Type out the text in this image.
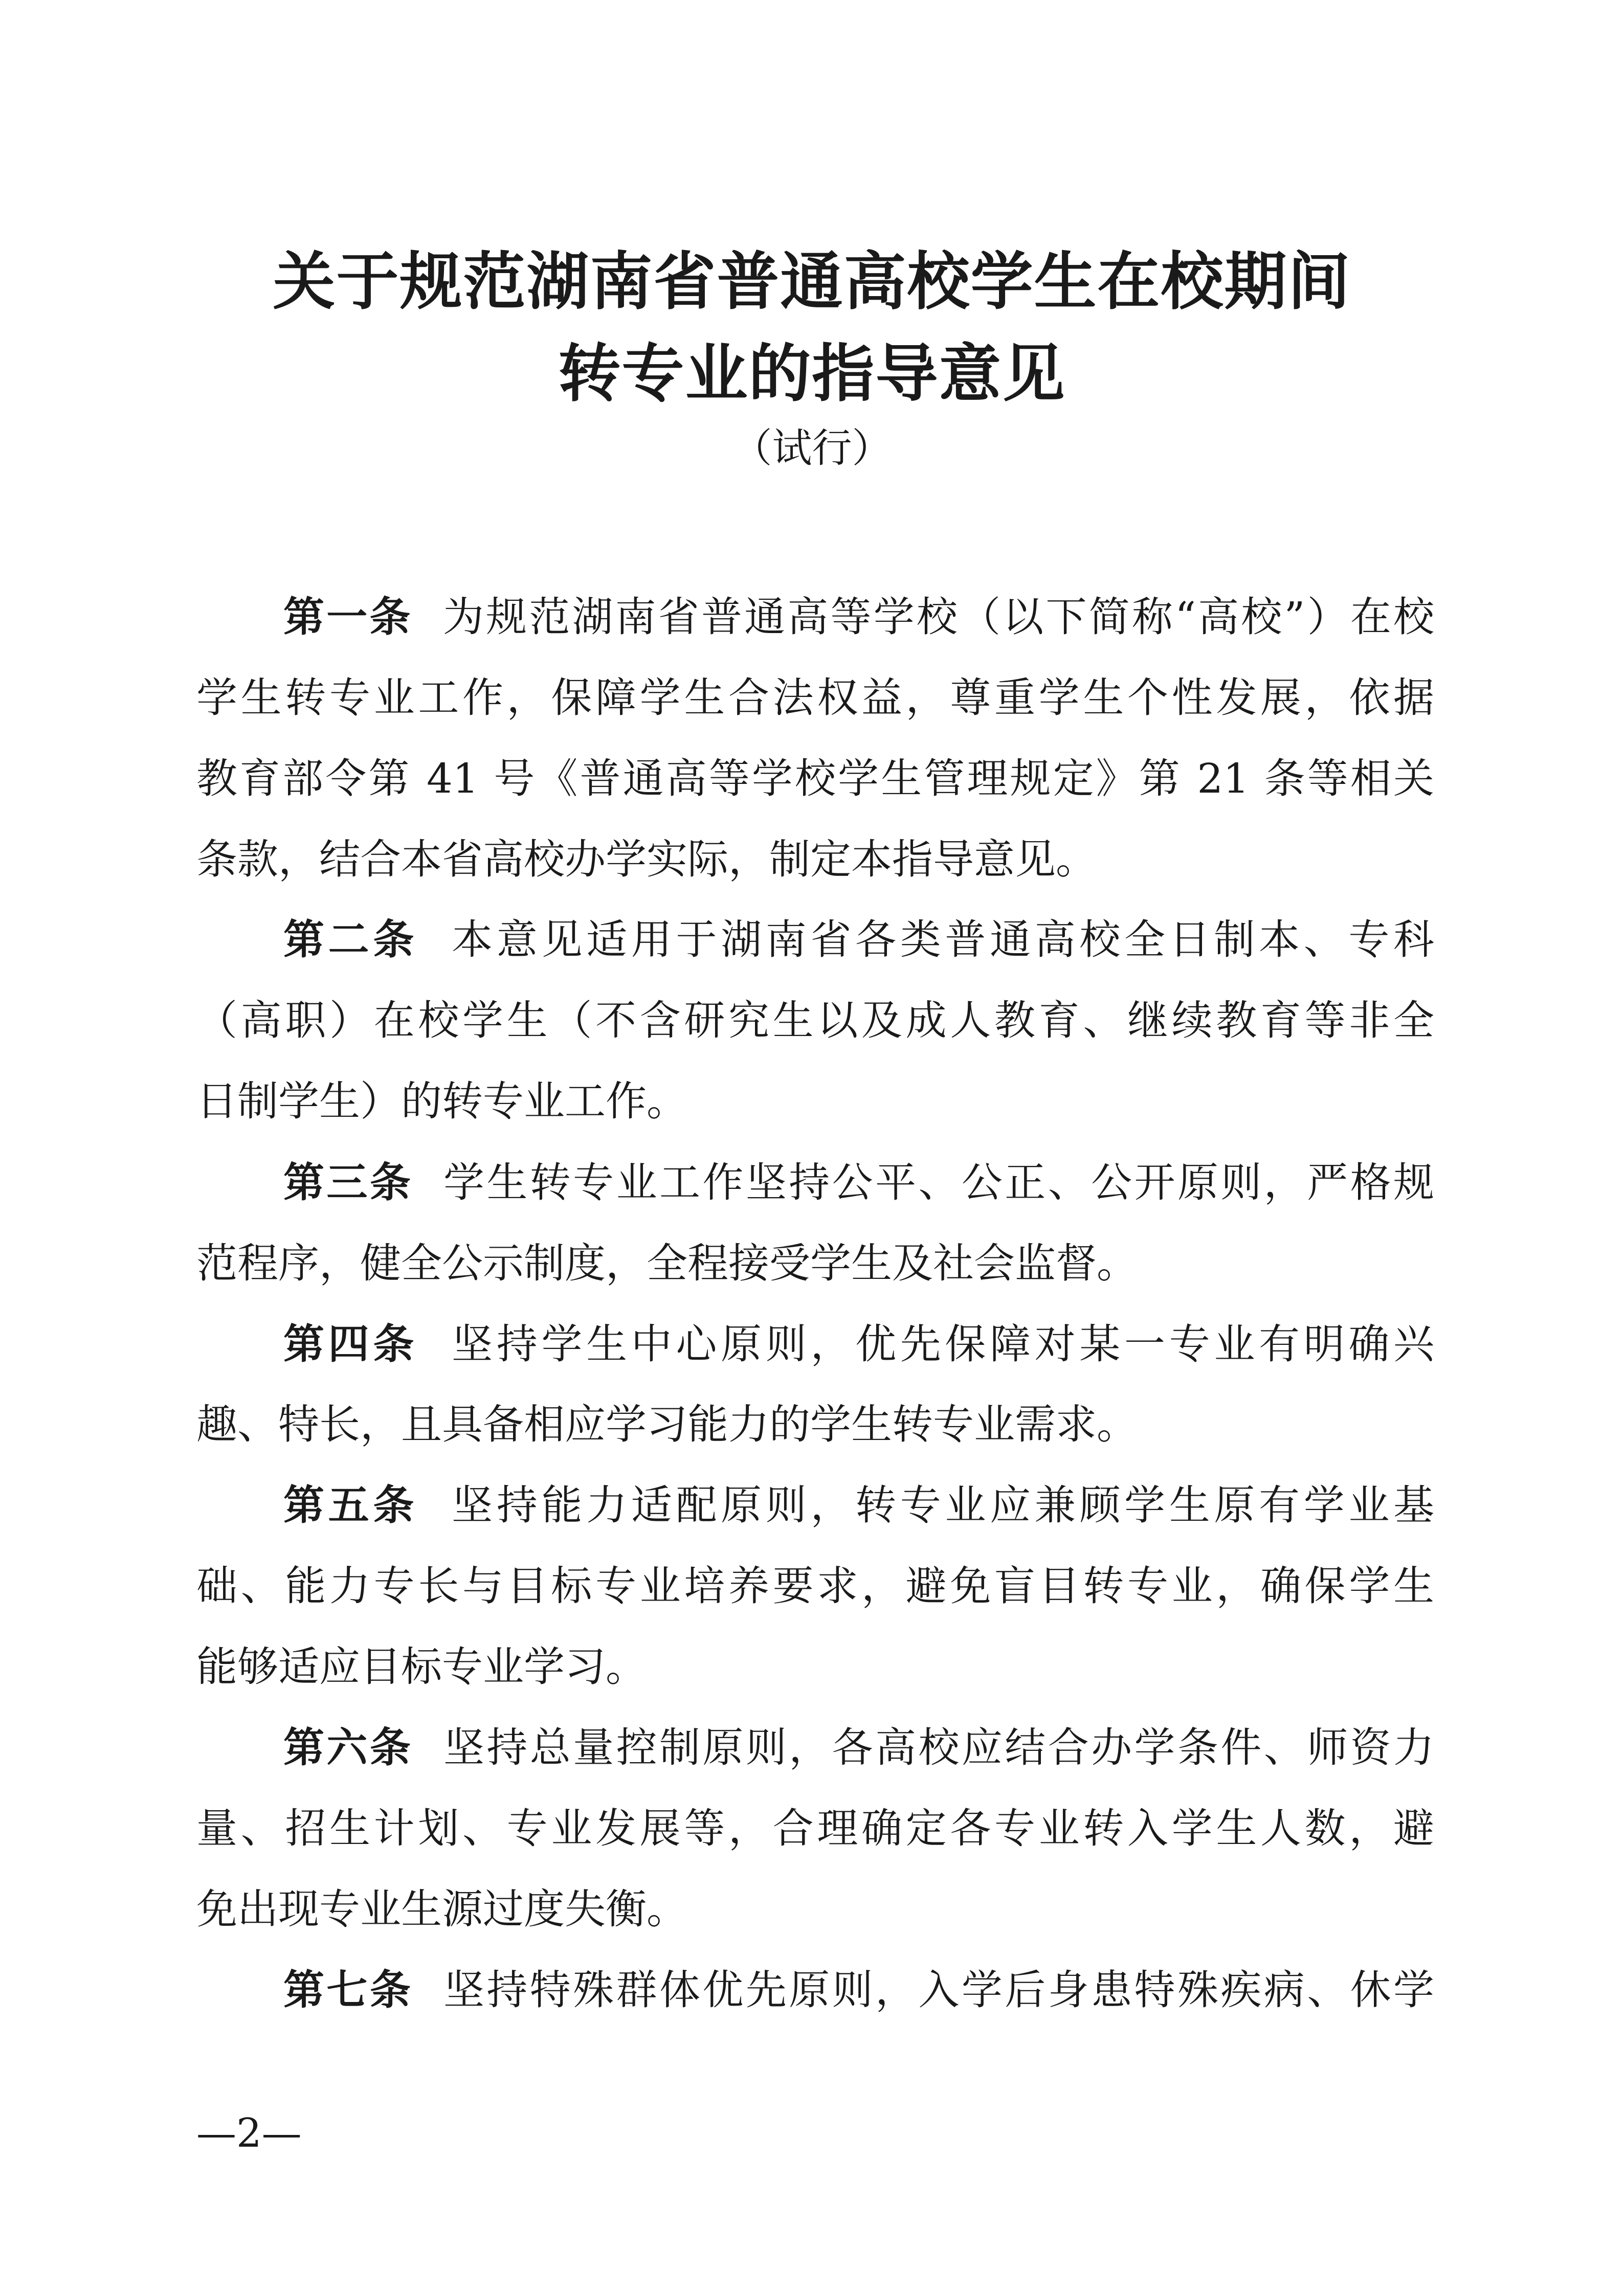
关于规范湖南省普通高校学生在校期间
转专业的指导意见
（试行）
第一条 为规范湖南省普通高等学校（以下简称“高校”）在校
学生转专业工作，保障学生合法权益，尊重学生个性发展，依据
教育部令第 41 号《普通高等学校学生管理规定》第 21 条等相关
条款，结合本省高校办学实际，制定本指导意见。
第二条 本意见适用于湖南省各类普通高校全日制本、专科
（高职）在校学生（不含研究生以及成人教育、继续教育等非全
日制学生）的转专业工作。
第三条 学生转专业工作坚持公平、公正、公开原则，严格规
范程序，健全公示制度，全程接受学生及社会监督。
第四条 坚持学生中心原则，优先保障对某一专业有明确兴
趣、特长，且具备相应学习能力的学生转专业需求。
第五条 坚持能力适配原则，转专业应兼顾学生原有学业基
础、能力专长与目标专业培养要求，避免盲目转专业，确保学生
能够适应目标专业学习。
第六条 坚持总量控制原则，各高校应结合办学条件、师资力
量、招生计划、专业发展等，合理确定各专业转入学生人数，避
免出现专业生源过度失衡。
第七条 坚持特殊群体优先原则，入学后身患特殊疾病、休学
—2—
